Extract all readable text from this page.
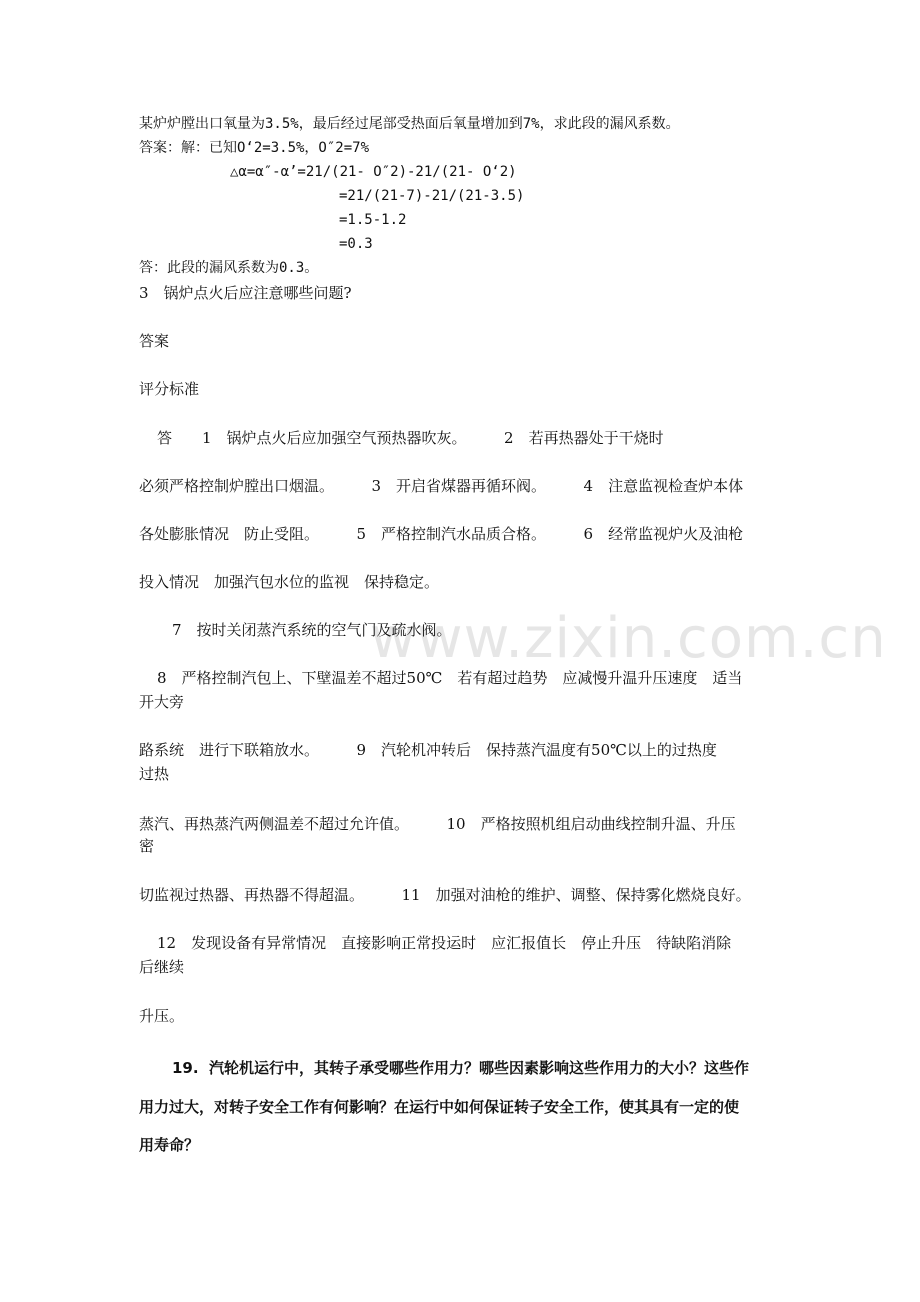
www.zixin.com.cn
某炉炉膛出口氧量为3.5%，最后经过尾部受热面后氧量增加到7%，求此段的漏风系数。
答案：解：已知O‘2=3.5%，O″2=7%
△α=α″-α’=21/(21- O″2)-21/(21- O‘2)
=21/(21-7)-21/(21-3.5)
=1.5-1.2
=0.3
答：此段的漏风系数为0.3。
3　锅炉点火后应注意哪些问题?
答案
评分标准
答　　1　锅炉点火后应加强空气预热器吹灰。　　　2　若再热器处于干烧时
必须严格控制炉膛出口烟温。　　　3　开启省煤器再循环阀。　　　4　注意监视检查炉本体
各处膨胀情况　防止受阻。　　　5　严格控制汽水品质合格。　　　6　经常监视炉火及油枪
投入情况　加强汽包水位的监视　保持稳定。
7　按时关闭蒸汽系统的空气门及疏水阀。
8　严格控制汽包上、下壁温差不超过50℃　若有超过趋势　应减慢升温升压速度　适当
开大旁
路系统　进行下联箱放水。　　　9　汽轮机冲转后　保持蒸汽温度有50℃以上的过热度
过热
蒸汽、再热蒸汽两侧温差不超过允许值。　　　10　严格按照机组启动曲线控制升温、升压
密
切监视过热器、再热器不得超温。　　　11　加强对油枪的维护、调整、保持雾化燃烧良好。
12　发现设备有异常情况　直接影响正常投运时　应汇报值长　停止升压　待缺陷消除
后继续
升压。
19.  汽轮机运行中，其转子承受哪些作用力？哪些因素影响这些作用力的大小？这些作
用力过大，对转子安全工作有何影响？在运行中如何保证转子安全工作，使其具有一定的使
用寿命？
